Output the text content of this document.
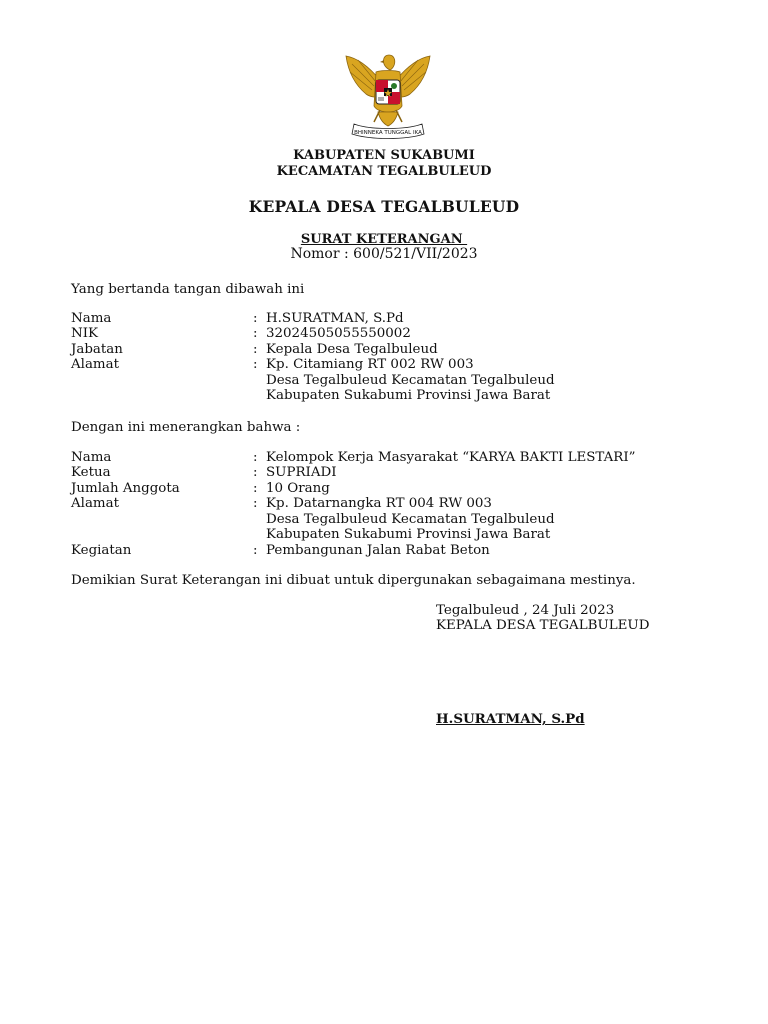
BHINNEKA TUNGGAL IKA
KABUPATEN SUKABUMI
KECAMATAN TEGALBULEUD
KEPALA DESA TEGALBULEUD
SURAT KETERANGAN
Nomor : 600/521/VII/2023
Yang bertanda tangan dibawah ini
Nama	: H.SURATMAN, S.Pd
NIK	: 32024505055550002
Jabatan	: Kepala Desa Tegalbuleud
Alamat	: Kp. Citamiang RT 002 RW 003
Desa Tegalbuleud Kecamatan Tegalbuleud
Kabupaten Sukabumi Provinsi Jawa Barat
Dengan ini menerangkan bahwa :
Nama	: Kelompok Kerja Masyarakat “KARYA BAKTI LESTARI”
Ketua	: SUPRIADI
Jumlah Anggota	: 10 Orang
Alamat	: Kp. Datarnangka RT 004 RW 003
Desa Tegalbuleud Kecamatan Tegalbuleud
Kabupaten Sukabumi Provinsi Jawa Barat
Kegiatan	: Pembangunan Jalan Rabat Beton
Demikian Surat Keterangan ini dibuat untuk dipergunakan sebagaimana mestinya.
Tegalbuleud , 24 Juli 2023
KEPALA DESA TEGALBULEUD
H.SURATMAN, S.Pd
